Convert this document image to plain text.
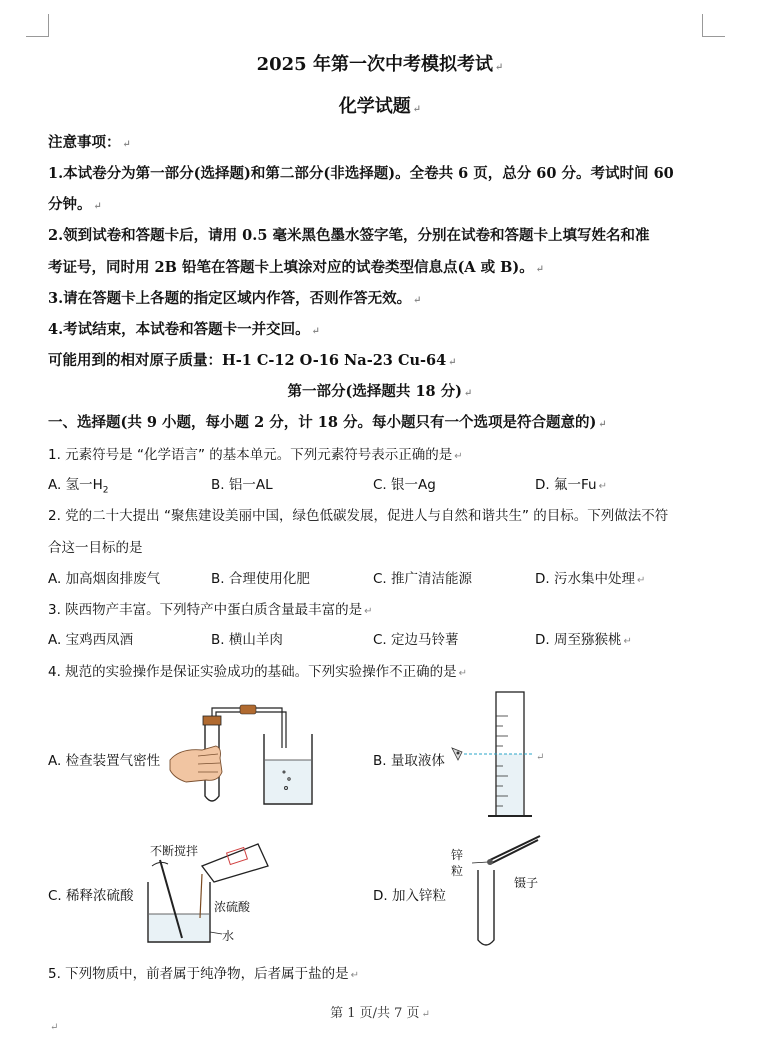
2025 年第一次中考模拟考试 ↵
化学试题 ↵
注意事项： ↵
1.本试卷分为第一部分(选择题)和第二部分(非选择题)。全卷共 6 页，总分 60 分。考试时间 60
分钟。 ↵
2.领到试卷和答题卡后，请用 0.5 毫米黑色墨水签字笔，分别在试卷和答题卡上填写姓名和准
考证号，同时用 2B 铅笔在答题卡上填涂对应的试卷类型信息点(A 或 B)。 ↵
3.请在答题卡上各题的指定区域内作答，否则作答无效。 ↵
4.考试结束，本试卷和答题卡一并交回。 ↵
可能用到的相对原子质量：H-1 C-12 O-16 Na-23 Cu-64 ↵
第一部分(选择题共 18 分) ↵
一、选择题(共 9 小题，每小题 2 分，计 18 分。每小题只有一个选项是符合题意的) ↵
1. 元素符号是 “化学语言” 的基本单元。下列元素符号表示正确的是 ↵
A. 氢一$H_2$	B. 铝一AL	C. 银一Ag	D. 氟一Fu ↵
2. 党的二十大提出 “聚焦建设美丽中国，绿色低碳发展，促进人与自然和谐共生” 的目标。下列做法不符
合这一目标的是
A. 加高烟囱排废气	B. 合理使用化肥	C. 推广清洁能源	D. 污水集中处理 ↵
3. 陕西物产丰富。下列特产中蛋白质含量最丰富的是 ↵
A. 宝鸡西凤酒	B. 横山羊肉	C. 定边马铃薯	D. 周至猕猴桃 ↵
4. 规范的实验操作是保证实验成功的基础。下列实验操作不正确的是 ↵
A. 检查装置气密性	B. 量取液体
C. 稀释浓硫酸	D. 加入锌粒
↵
不断搅拌
浓硫酸
水
锌
粒
镊子
5. 下列物质中，前者属于纯净物，后者属于盐的是 ↵
第 1 页/共 7 页 ↵
↵
